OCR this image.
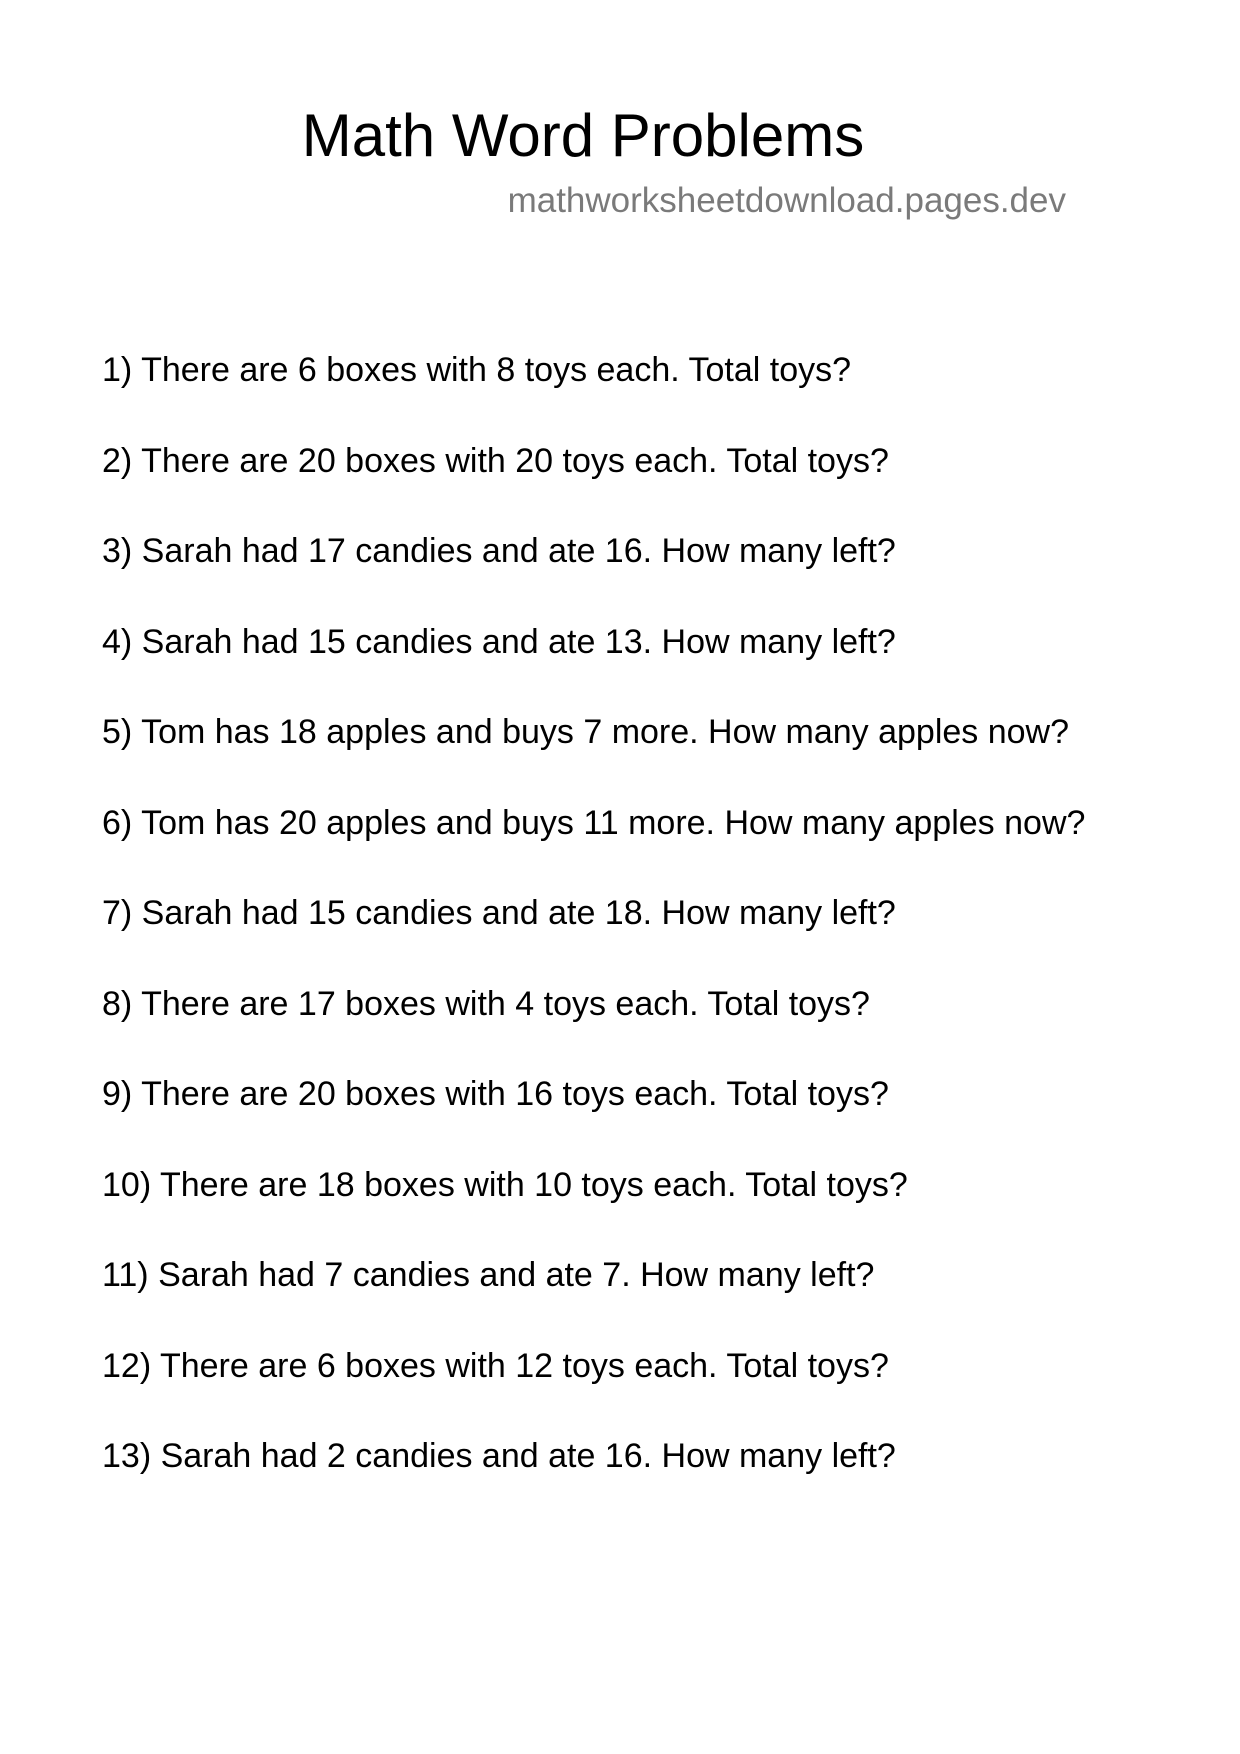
Math Word Problems
mathworksheetdownload.pages.dev
1) There are 6 boxes with 8 toys each. Total toys?
2) There are 20 boxes with 20 toys each. Total toys?
3) Sarah had 17 candies and ate 16. How many left?
4) Sarah had 15 candies and ate 13. How many left?
5) Tom has 18 apples and buys 7 more. How many apples now?
6) Tom has 20 apples and buys 11 more. How many apples now?
7) Sarah had 15 candies and ate 18. How many left?
8) There are 17 boxes with 4 toys each. Total toys?
9) There are 20 boxes with 16 toys each. Total toys?
10) There are 18 boxes with 10 toys each. Total toys?
11) Sarah had 7 candies and ate 7. How many left?
12) There are 6 boxes with 12 toys each. Total toys?
13) Sarah had 2 candies and ate 16. How many left?
